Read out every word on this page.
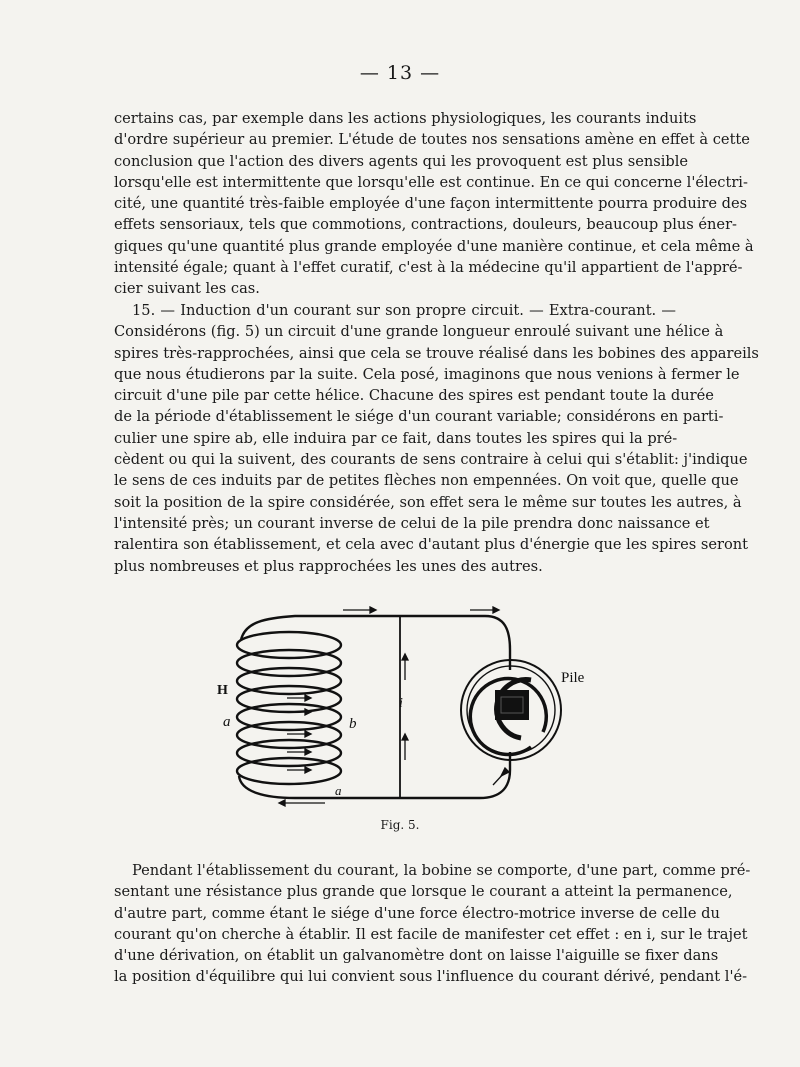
— 13 —
certains cas, par exemple dans les actions physiologiques, les courants induits
d'ordre supérieur au premier. L'étude de toutes nos sensations amène en effet à cette
conclusion que l'action des divers agents qui les provoquent est plus sensible
lorsqu'elle est intermittente que lorsqu'elle est continue. En ce qui concerne l'électri-
cité, une quantité très-faible employée d'une façon intermittente pourra produire des
effets sensoriaux, tels que commotions, contractions, douleurs, beaucoup plus éner-
giques qu'une quantité plus grande employée d'une manière continue, et cela même à
intensité égale; quant à l'effet curatif, c'est à la médecine qu'il appartient de l'appré-
cier suivant les cas.
15. — Induction d'un courant sur son propre circuit. — Extra-courant. —
Considérons (fig. 5) un circuit d'une grande longueur enroulé suivant une hélice à
spires très-rapprochées, ainsi que cela se trouve réalisé dans les bobines des appareils
que nous étudierons par la suite. Cela posé, imaginons que nous venions à fermer le
circuit d'une pile par cette hélice. Chacune des spires est pendant toute la durée
de la période d'établissement le siége d'un courant variable; considérons en parti-
culier une spire ab, elle induira par ce fait, dans toutes les spires qui la pré-
cèdent ou qui la suivent, des courants de sens contraire à celui qui s'établit: j'indique
le sens de ces induits par de petites flèches non empennées. On voit que, quelle que
soit la position de la spire considérée, son effet sera le même sur toutes les autres, à
l'intensité près; un courant inverse de celui de la pile prendra donc naissance et
ralentira son établissement, et cela avec d'autant plus d'énergie que les spires seront
plus nombreuses et plus rapprochées les unes des autres.
H
a	b
i
a
Pile
Fig. 5.
Pendant l'établissement du courant, la bobine se comporte, d'une part, comme pré-
sentant une résistance plus grande que lorsque le courant a atteint la permanence,
d'autre part, comme étant le siége d'une force électro-motrice inverse de celle du
courant qu'on cherche à établir. Il est facile de manifester cet effet : en i, sur le trajet
d'une dérivation, on établit un galvanomètre dont on laisse l'aiguille se fixer dans
la position d'équilibre qui lui convient sous l'influence du courant dérivé, pendant l'é-
